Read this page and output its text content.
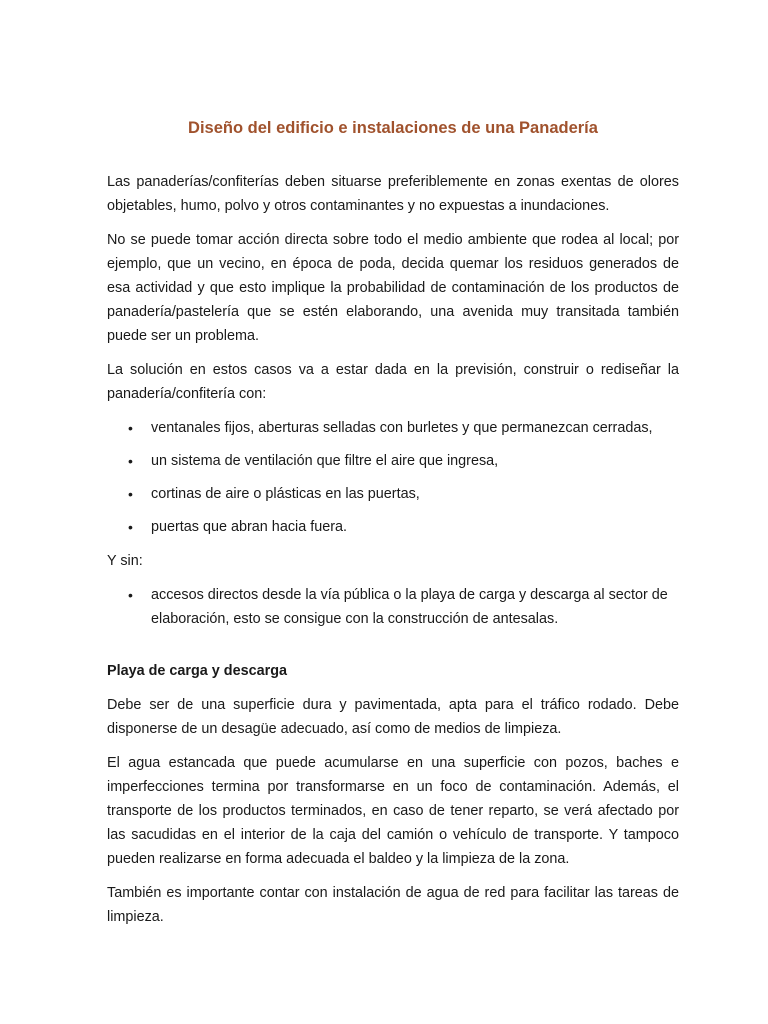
Diseño del edificio e instalaciones de una Panadería

Las panaderías/confiterías deben situarse preferiblemente en zonas exentas de olores objetables, humo, polvo y otros contaminantes y no expuestas a inundaciones.

No se puede tomar acción directa sobre todo el medio ambiente que rodea al local; por ejemplo, que un vecino, en época de poda, decida quemar los residuos generados de esa actividad y que esto implique la probabilidad de contaminación de los productos de panadería/pastelería que se estén elaborando, una avenida muy transitada también puede ser un problema.

La solución en estos casos va a estar dada en la previsión, construir o rediseñar la panadería/confitería con:

• ventanales fijos, aberturas selladas con burletes y que permanezcan cerradas,
• un sistema de ventilación que filtre el aire que ingresa,
• cortinas de aire o plásticas en las puertas,
• puertas que abran hacia fuera.

Y sin:

• accesos directos desde la vía pública o la playa de carga y descarga al sector de elaboración, esto se consigue con la construcción de antesalas.
Playa de carga y descarga

Debe ser de una superficie dura y pavimentada, apta para el tráfico rodado. Debe disponerse de un desagüe adecuado, así como de medios de limpieza.

El agua estancada que puede acumularse en una superficie con pozos, baches e imperfecciones termina por transformarse en un foco de contaminación. Además, el transporte de los productos terminados, en caso de tener reparto, se verá afectado por las sacudidas en el interior de la caja del camión o vehículo de transporte. Y tampoco pueden realizarse en forma adecuada el baldeo y la limpieza de la zona.

También es importante contar con instalación de agua de red para facilitar las tareas de limpieza.
